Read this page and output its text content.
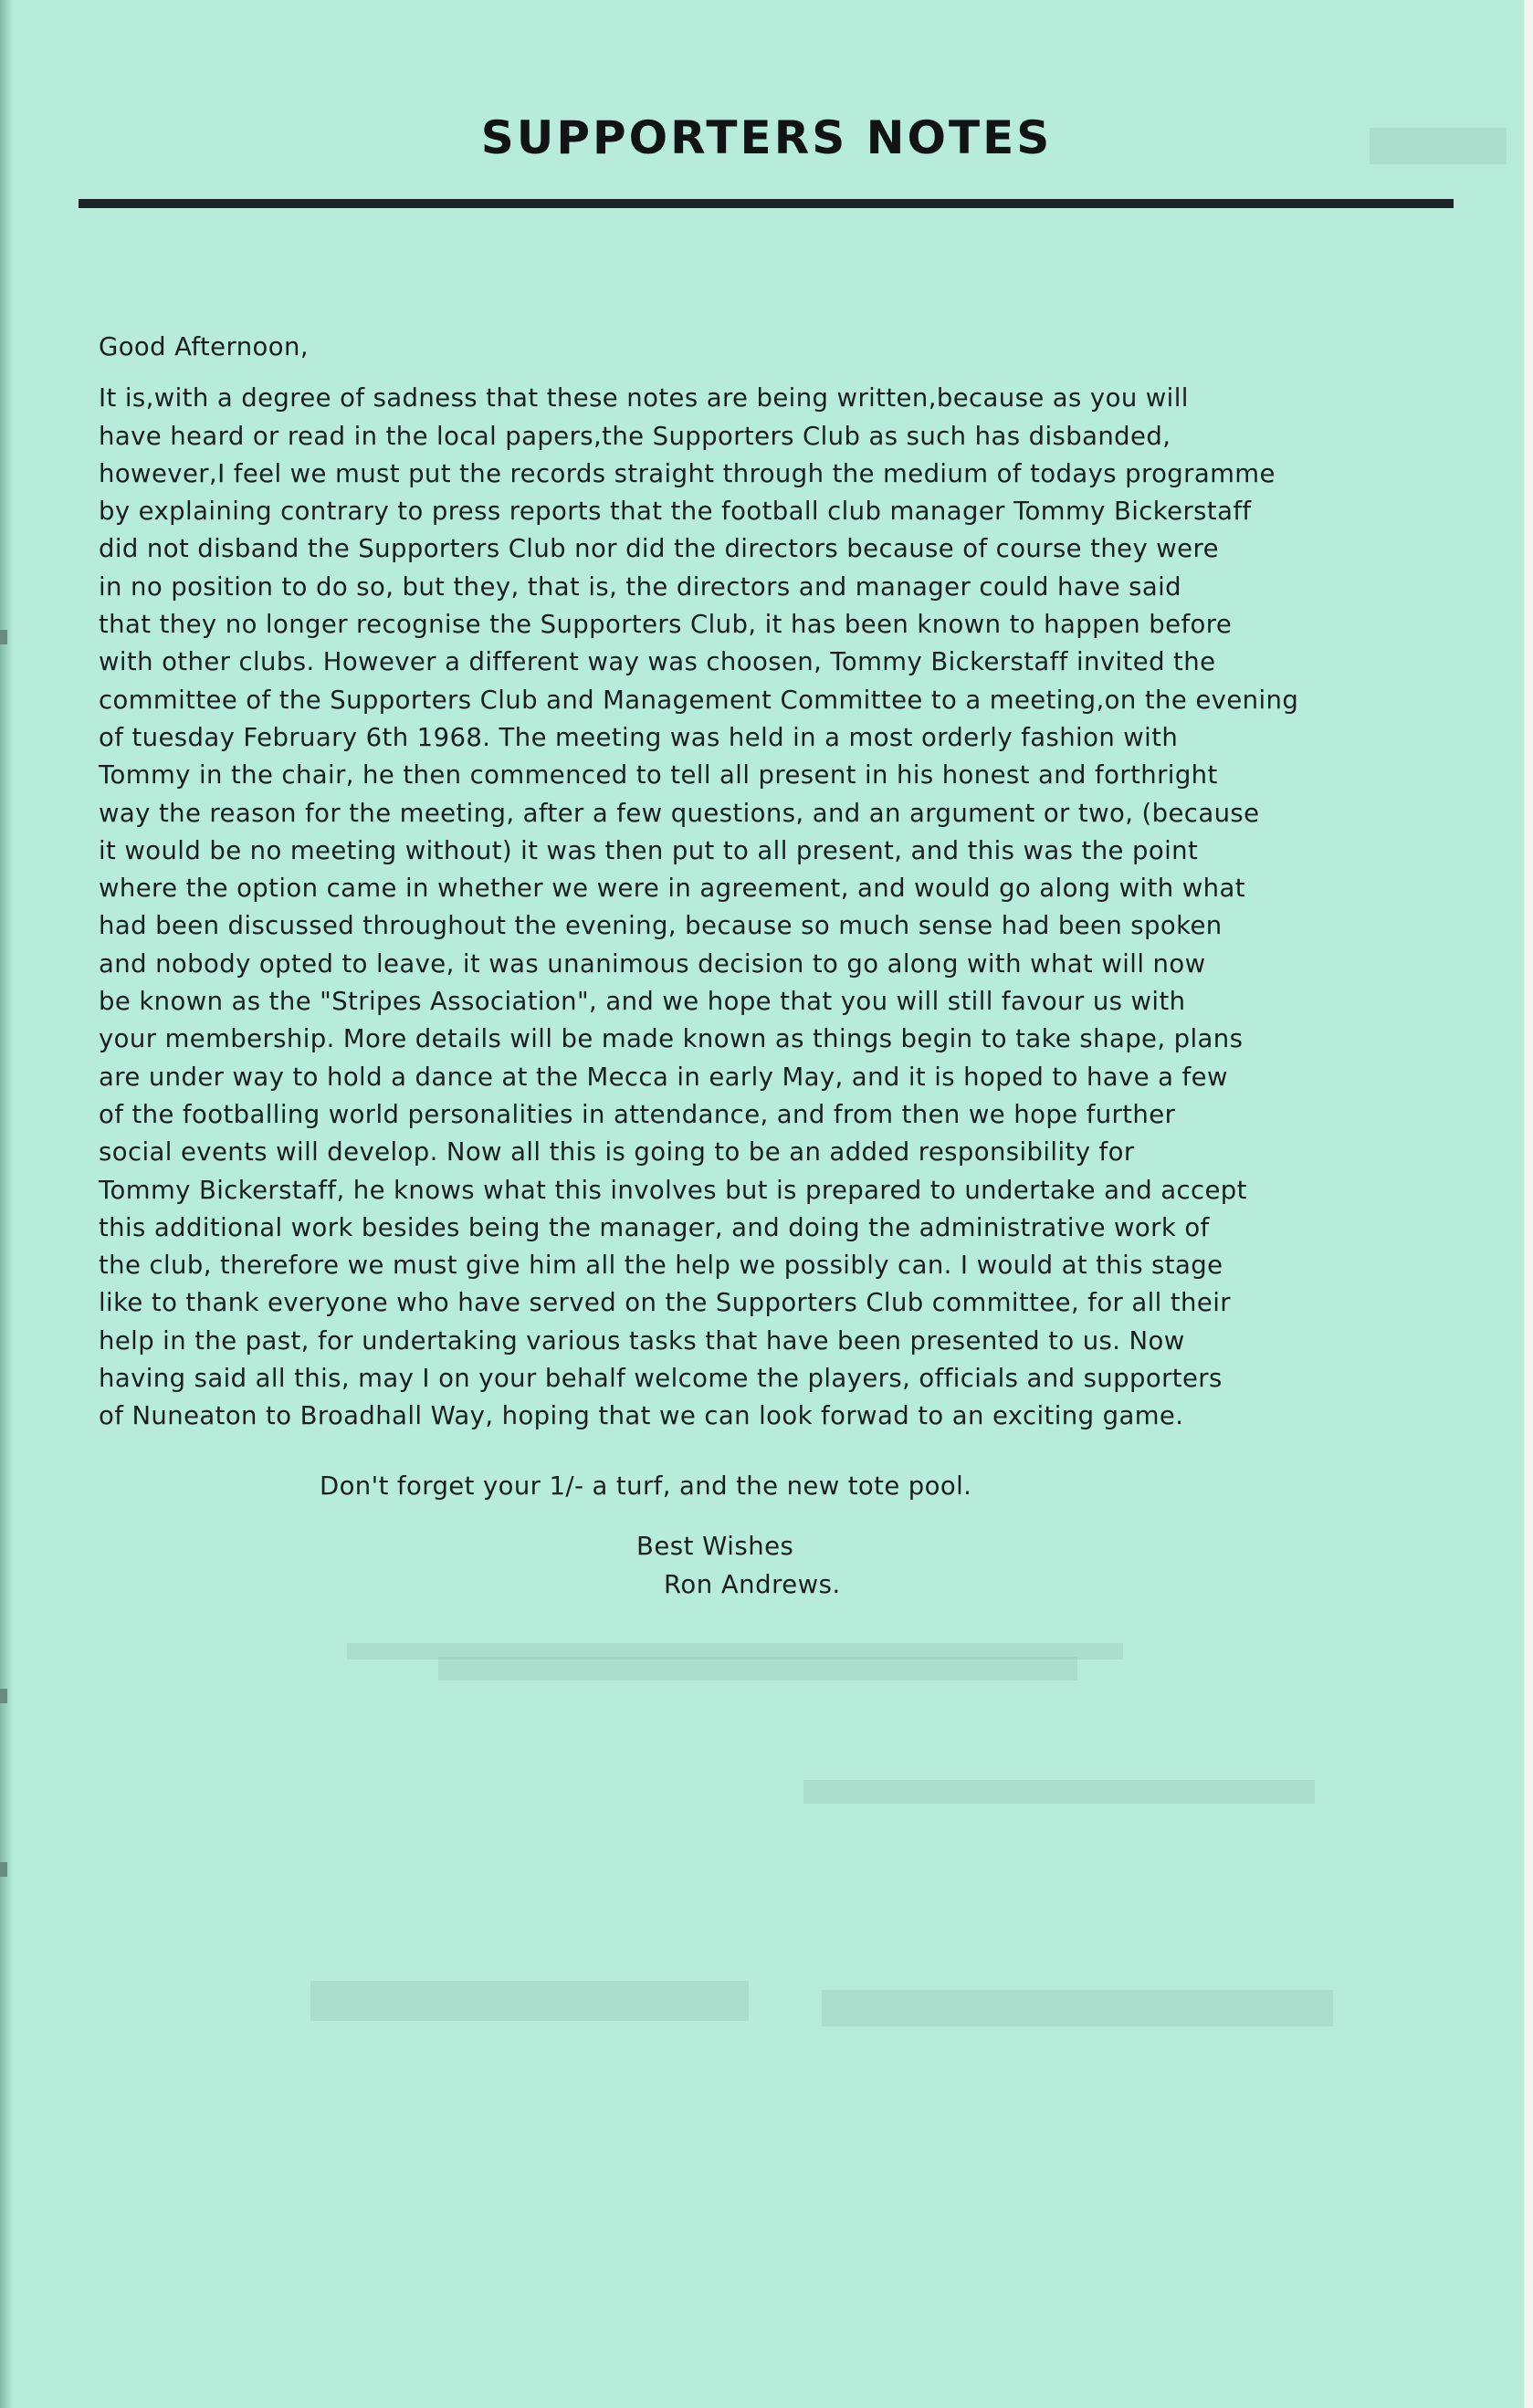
SUPPORTERS NOTES
Good Afternoon,
It is,with a degree of sadness that these notes are being written,because as you will
have heard or read in the local papers,the Supporters Club as such has disbanded,
however,I feel we must put the records straight through the medium of todays programme
by explaining contrary to press reports that the football club manager Tommy Bickerstaff
did not disband the Supporters Club nor did the directors because of course they were
in no position to do so, but they, that is, the directors and manager could have said
that they no longer recognise the Supporters Club, it has been known to happen before
with other clubs. However a different way was choosen, Tommy Bickerstaff invited the
committee of the Supporters Club and Management Committee to a meeting,on the evening
of tuesday February 6th 1968. The meeting was held in a most orderly fashion with
Tommy in the chair, he then commenced to tell all present in his honest and forthright
way the reason for the meeting, after a few questions, and an argument or two, (because
it would be no meeting without) it was then put to all present, and this was the point
where the option came in whether we were in agreement, and would go along with what
had been discussed throughout the evening, because so much sense had been spoken
and nobody opted to leave, it was unanimous decision to go along with what will now
be known as the "Stripes Association", and we hope that you will still favour us with
your membership. More details will be made known as things begin to take shape, plans
are under way to hold a dance at the Mecca in early May, and it is hoped to have a few
of the footballing world personalities in attendance, and from then we hope further
social events will develop. Now all this is going to be an added responsibility for
Tommy Bickerstaff, he knows what this involves but is prepared to undertake and accept
this additional work besides being the manager, and doing the administrative work of
the club, therefore we must give him all the help we possibly can. I would at this stage
like to thank everyone who have served on the Supporters Club committee, for all their
help in the past, for undertaking various tasks that have been presented to us. Now
having said all this, may I on your behalf welcome the players, officials and supporters
of Nuneaton to Broadhall Way, hoping that we can look forwad to an exciting game.
Don't forget your 1/- a turf, and the new tote pool.
Best Wishes
Ron Andrews.
